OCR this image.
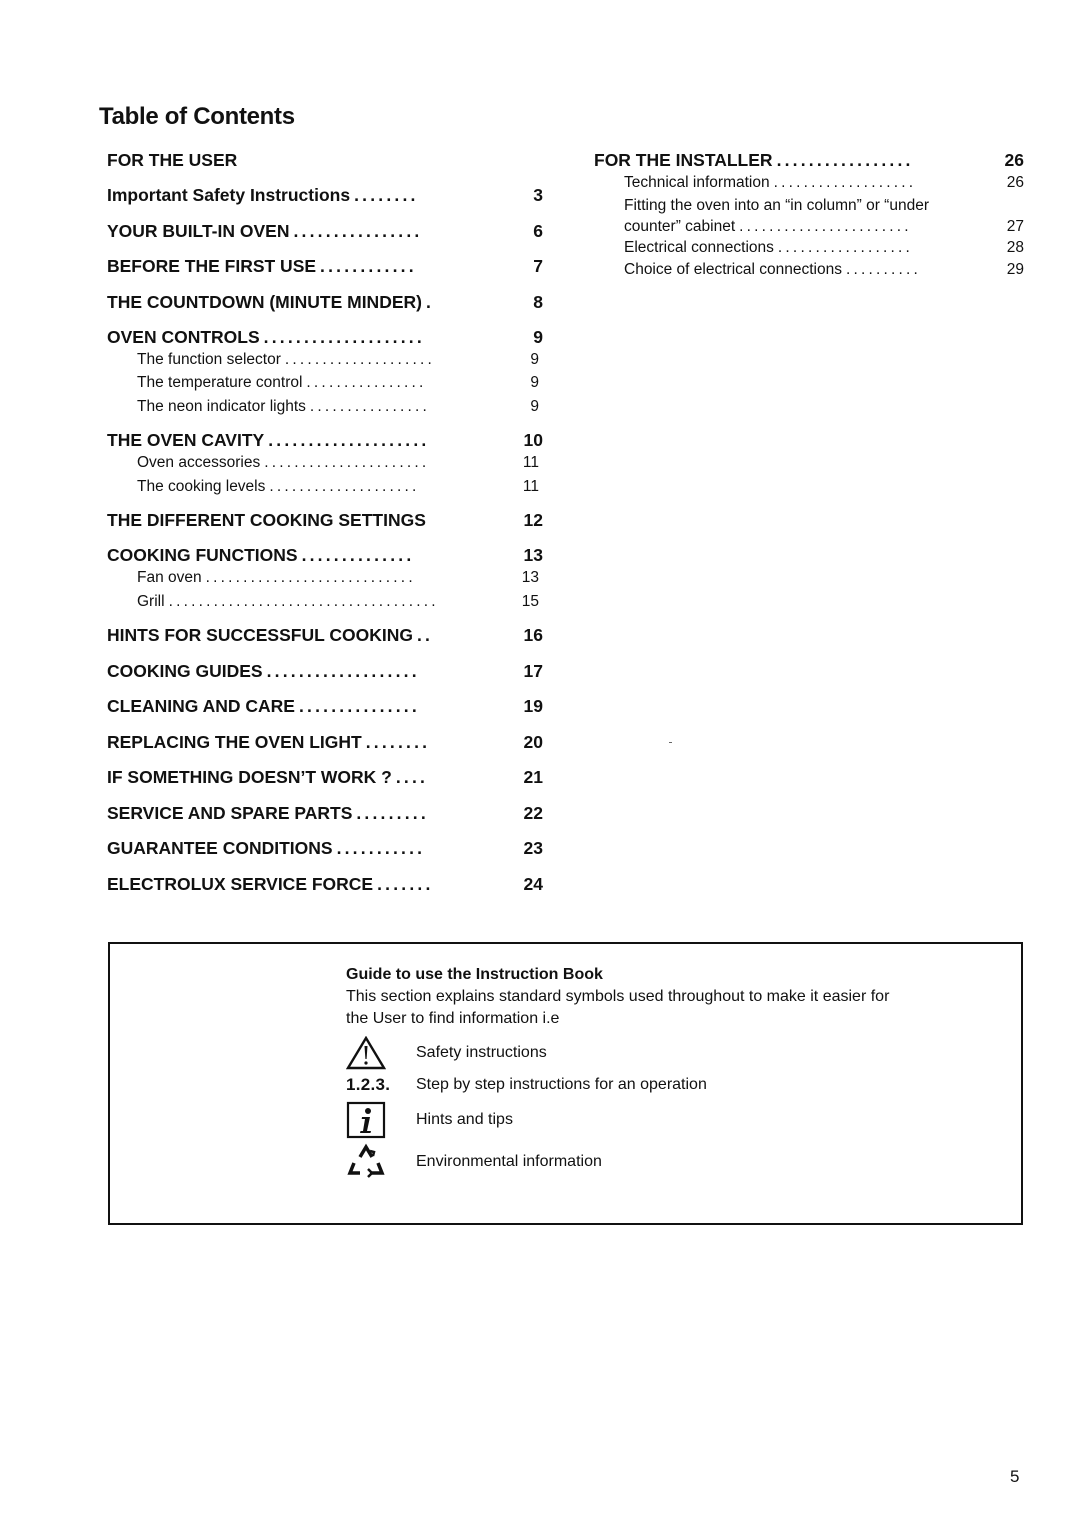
Table of Contents
FOR THE USER
Important Safety Instructions ........	3
YOUR BUILT-IN OVEN ................	6
BEFORE THE FIRST USE ............	7
THE COUNTDOWN (MINUTE MINDER) .	8
OVEN CONTROLS ....................	9
The function selector ....................	9
The temperature control ................	9
The neon indicator lights ................	9
THE OVEN CAVITY ....................	10
Oven accessories ......................	11
The cooking levels ....................	11
THE DIFFERENT COOKING SETTINGS	12
COOKING FUNCTIONS ..............	13
Fan oven ............................	13
Grill ....................................	15
HINTS FOR SUCCESSFUL COOKING ..	16
COOKING GUIDES ...................	17
CLEANING AND CARE ...............	19
REPLACING THE OVEN LIGHT ........	20
IF SOMETHING DOESN’T WORK ? ....	21
SERVICE AND SPARE PARTS .........	22
GUARANTEE CONDITIONS ...........	23
ELECTROLUX SERVICE FORCE .......	24
FOR THE INSTALLER .................	26
Technical information ...................	26
Fitting the oven into an “in column” or “under
counter” cabinet .......................	27
Electrical connections ..................	28
Choice of electrical connections ..........	29
Guide to use the Instruction Book
This section explains standard symbols used throughout to make it easier for the User to find information i.e
Safety instructions
1.2.3.	Step by step instructions for an operation
Hints and tips
Environmental information
5
